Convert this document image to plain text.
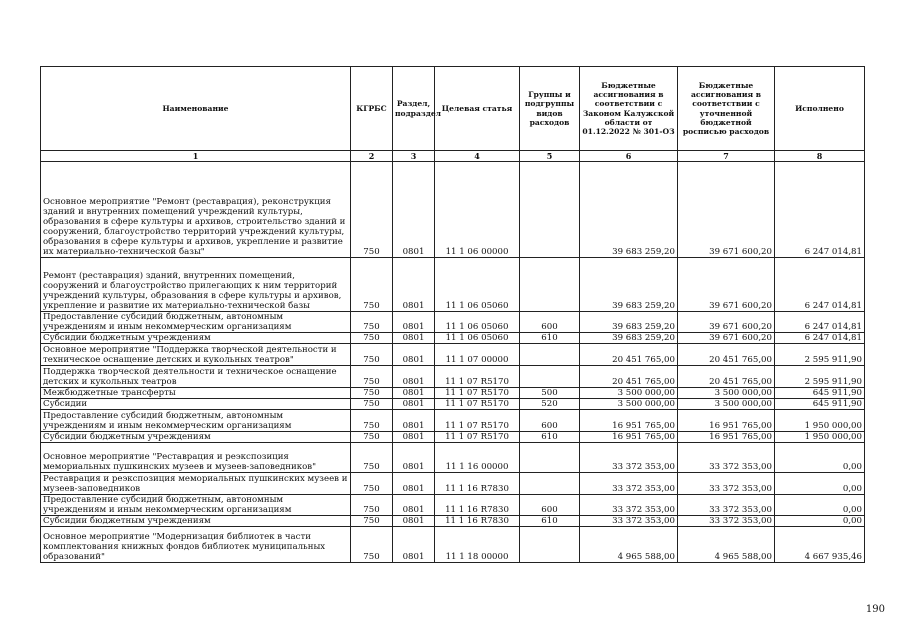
Наименование	КГРБС	Раздел, подраздел	Целевая статья	Группы и подгруппы видов расходов	Бюджетные ассигнования в соответствии с Законом Калужской области от 01.12.2022 № 301-ОЗ	Бюджетные ассигнования в соответствии с уточненной бюджетной росписью расходов	Исполнено
1	2	3	4	5	6	7	8
Основное мероприятие "Ремонт (реставрация), реконструкция зданий и внутренних помещений учреждений культуры, образования в сфере культуры и архивов, строительство зданий и сооружений, благоустройство территорий учреждений культуры, образования в сфере культуры и архивов, укрепление и развитие их материально-технической базы"	750	0801	11 1 06 00000		39 683 259,20	39 671 600,20	6 247 014,81
Ремонт (реставрация) зданий, внутренних помещений, сооружений и благоустройство прилегающих к ним территорий учреждений культуры, образования в сфере культуры и архивов, укрепление и развитие их материально-технической базы	750	0801	11 1 06 05060		39 683 259,20	39 671 600,20	6 247 014,81
Предоставление субсидий бюджетным, автономным учреждениям и иным некоммерческим организациям	750	0801	11 1 06 05060	600	39 683 259,20	39 671 600,20	6 247 014,81
Субсидии бюджетным учреждениям	750	0801	11 1 06 05060	610	39 683 259,20	39 671 600,20	6 247 014,81
Основное мероприятие "Поддержка творческой деятельности и техническое оснащение детских и кукольных театров"	750	0801	11 1 07 00000		20 451 765,00	20 451 765,00	2 595 911,90
Поддержка творческой деятельности и техническое оснащение детских и кукольных театров	750	0801	11 1 07 R5170		20 451 765,00	20 451 765,00	2 595 911,90
Межбюджетные трансферты	750	0801	11 1 07 R5170	500	3 500 000,00	3 500 000,00	645 911,90
Субсидии	750	0801	11 1 07 R5170	520	3 500 000,00	3 500 000,00	645 911,90
Предоставление субсидий бюджетным, автономным учреждениям и иным некоммерческим организациям	750	0801	11 1 07 R5170	600	16 951 765,00	16 951 765,00	1 950 000,00
Субсидии бюджетным учреждениям	750	0801	11 1 07 R5170	610	16 951 765,00	16 951 765,00	1 950 000,00
Основное мероприятие "Реставрация и реэкспозиция мемориальных пушкинских музеев и музеев-заповедников"	750	0801	11 1 16 00000		33 372 353,00	33 372 353,00	0,00
Реставрация и реэкспозиция мемориальных пушкинских музеев и музеев-заповедников	750	0801	11 1 16 R7830		33 372 353,00	33 372 353,00	0,00
Предоставление субсидий бюджетным, автономным учреждениям и иным некоммерческим организациям	750	0801	11 1 16 R7830	600	33 372 353,00	33 372 353,00	0,00
Субсидии бюджетным учреждениям	750	0801	11 1 16 R7830	610	33 372 353,00	33 372 353,00	0,00
Основное мероприятие "Модернизация библиотек в части комплектования книжных фондов библиотек муниципальных образований"	750	0801	11 1 18 00000		4 965 588,00	4 965 588,00	4 667 935,46
190
